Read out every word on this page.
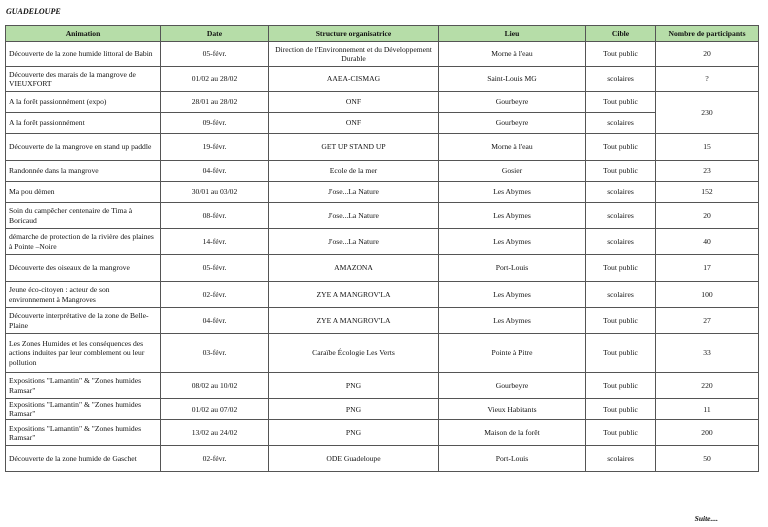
GUADELOUPE
Animation	Date	Structure organisatrice	Lieu	Cible	Nombre de participants
Découverte de la zone humide littoral de Babin	05-févr.	Direction de l'Environnement et du Développement Durable	Morne à l'eau	Tout public	20
Découverte des marais de la mangrove de VIEUXFORT	01/02 au 28/02	AAEA-CISMAG	Saint-Louis MG	scolaires	?
A la forêt passionnément (expo)	28/01 au 28/02	ONF	Gourbeyre	Tout public	230
A la forêt passionnément	09-févr.	ONF	Gourbeyre	scolaires	
Découverte de la mangrove en stand up paddle	19-févr.	GET UP STAND UP	Morne à l'eau	Tout public	15
Randonnée dans la mangrove	04-févr.	Ecole de la mer	Gosier	Tout public	23
Ma pou dèmen	30/01 au 03/02	J'ose...La Nature	Les Abymes	scolaires	152
Soin du campêcher centenaire de Tima à Boricaud	08-févr.	J'ose...La Nature	Les Abymes	scolaires	20
démarche de protection de la rivière des plaines à Pointe –Noire	14-févr.	J'ose...La Nature	Les Abymes	scolaires	40
Découverte des oiseaux de la mangrove	05-févr.	AMAZONA	Port-Louis	Tout public	17
Jeune éco-citoyen : acteur de son environnement à Mangroves	02-févr.	ZYE A MANGROV'LA	Les Abymes	scolaires	100
Découverte interprétative de la zone de Belle-Plaine	04-févr.	ZYE A MANGROV'LA	Les Abymes	Tout public	27
Les Zones Humides et les conséquences des actions induites par leur comblement ou leur pollution	03-févr.	Caraïbe Écologie Les Verts	Pointe à Pitre	Tout public	33
Expositions "Lamantin" & "Zones humides Ramsar"	08/02 au 10/02	PNG	Gourbeyre	Tout public	220
Expositions "Lamantin" & "Zones humides Ramsar"	01/02 au 07/02	PNG	Vieux Habitants	Tout public	11
Expositions "Lamantin" & "Zones humides Ramsar"	13/02 au 24/02	PNG	Maison de la forêt	Tout public	200
Découverte de la zone humide de Gaschet	02-févr.	ODE Guadeloupe	Port-Louis	scolaires	50
Suite....
